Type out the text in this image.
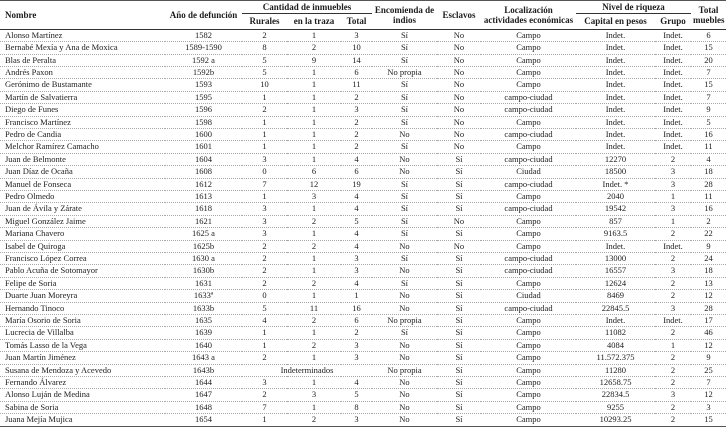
Nombre	Año de defunción	Cantidad de inmuebles			Encomienda de indios	Esclavos	Localización actividades económicas	Nivel de riqueza		Total muebles
		Rurales	en la traza	Total				Capital en pesos	Grupo	
Alonso Martínez	1582	2	1	3	Sí	No	Campo	Indet.	Indet.	6
Bernabé Mexía y Ana de Moxica	1589-1590	8	2	10	Sí	No	Campo	Indet.	Indet.	15
Blas de Peralta	1592 a	5	9	14	Sí	No	Campo	Indet.	Indet.	20
Andrés Paxon	1592b	5	1	6	No propia	No	Campo	Indet.	Indet.	7
Gerónimo de Bustamante	1593	10	1	11	Sí	No	Campo	Indet.	Indet.	15
Martín de Salvatierra	1595	1	1	2	Sí	No	campo-ciudad	Indet.	Indet.	7
Diego de Funes	1596	2	1	3	Sí	No	campo-ciudad	Indet.	Indet.	9
Francisco Martínez	1598	1	1	2	Sí	No	Campo	Indet.	Indet.	5
Pedro de Candia	1600	1	1	2	No	No	campo-ciudad	Indet.	Indet.	16
Melchor Ramírez Camacho	1601	1	1	2	Sí	No	Campo	Indet.	Indet.	11
Juan de Belmonte	1604	3	1	4	No	Sí	campo-ciudad	12270	2	4
Juan Díaz de Ocaña	1608	0	6	6	No	Sí	Ciudad	18500	3	18
Manuel de Fonseca	1612	7	12	19	Sí	Sí	campo-ciudad	Indet. *	3	28
Pedro Olmedo	1613	1	3	4	Sí	Sí	Campo	2040	1	11
Juan de Ávila y Zárate	1618	3	1	4	Sí	Sí	campo-ciudad	19542	3	16
Miguel González Jaime	1621	3	2	5	Sí	No	Campo	857	1	2
Mariana Chavero	1625 a	3	1	4	Sí	Sí	Campo	9163.5	2	22
Isabel de Quiroga	1625b	2	2	4	No	No	Campo	Indet.	Indet.	9
Francisco López Correa	1630 a	2	1	3	Sí	Sí	campo-ciudad	13000	2	24
Pablo Acuña de Sotomayor	1630b	2	1	3	No	Sí	campo-ciudad	16557	3	18
Felipe de Soria	1631	2	2	4	Sí	Sí	Campo	12624	2	13
Duarte Juan Moreyra	1633ª	0	1	1	No	Sí	Ciudad	8469	2	12
Hernando Tinoco	1633b	5	11	16	No	Sí	campo-ciudad	22845.5	3	28
María Osorio de Soria	1635	4	2	6	No propia	Sí	Campo	Indet.	Indet.	17
Lucrecia de Villalba	1639	1	1	2	Sí	Sí	Campo	11082	2	46
Tomás Lasso de la Vega	1640	1	2	3	No	Sí	Campo	4084	1	12
Juan Martín Jiménez	1643 a	2	1	3	No	Sí	Campo	11.572.375	2	9
Susana de Mendoza y Acevedo	1643b	Indeterminados			No propia	Sí	Campo	11280	2	25
Fernando Álvarez	1644	3	1	4	No	Sí	Campo	12658.75	2	7
Alonso Luján de Medina	1647	2	3	5	No	Sí	Campo	22834.5	3	12
Sabina de Soria	1648	7	1	8	No	Sí	Campo	9255	2	3
Juana Mejía Mujica	1654	1	2	3	No	Sí	Campo	10293.25	2	15
